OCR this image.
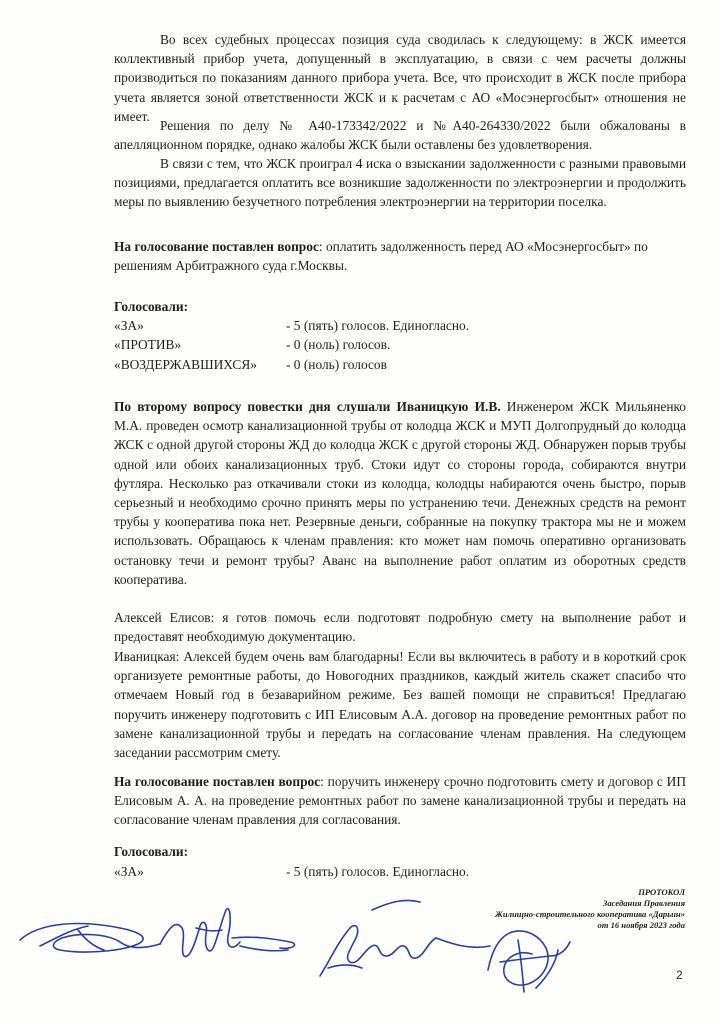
Во всех судебных процессах позиция суда сводилась к следующему: в ЖСК имеется коллективный прибор учета, допущенный в эксплуатацию, в связи с чем расчеты должны производиться по показаниям данного прибора учета. Все, что происходит в ЖСК после прибора учета является зоной ответственности ЖСК и к расчетам с АО «Мосэнергосбыт» отношения не имеет.
Решения по делу № А40-173342/2022 и №А40-264330/2022 были обжалованы в апелляционном порядке, однако жалобы ЖСК были оставлены без удовлетворения.
В связи с тем, что ЖСК проиграл 4 иска о взыскании задолженности с разными правовыми позициями, предлагается оплатить все возникшие задолженности по электроэнергии и продолжить меры по выявлению безучетного потребления электроэнергии на территории поселка.
На голосование поставлен вопрос: оплатить задолженность перед АО «Мосэнергосбыт» по решениям Арбитражного суда г.Москвы.
Голосовали:
«ЗА»	- 5 (пять) голосов. Единогласно.
«ПРОТИВ»	- 0 (ноль) голосов.
«ВОЗДЕРЖАВШИХСЯ» - 0 (ноль) голосов
По второму вопросу повестки дня слушали Иваницкую И.В. Инженером ЖСК Мильяненко М.А. проведен осмотр канализационной трубы от колодца ЖСК и МУП Долгопрудный до колодца ЖСК с одной другой стороны ЖД до колодца ЖСК с другой стороны ЖД. Обнаружен порыв трубы одной или обоих канализационных труб. Стоки идут со стороны города, собираются внутри футляра. Несколько раз откачивали стоки из колодца, колодцы набираются очень быстро, порыв серьезный и необходимо срочно принять меры по устранению течи. Денежных средств на ремонт трубы у кооператива пока нет. Резервные деньги, собранные на покупку трактора мы не и можем использовать. Обращаюсь к членам правления: кто может нам помочь оперативно организовать остановку течи и ремонт трубы? Аванс на выполнение работ оплатим из оборотных средств кооператива.
Алексей Елисов: я готов помочь если подготовят подробную смету на выполнение работ и предоставят необходимую документацию.
Иваницкая: Алексей будем очень вам благодарны! Если вы включитесь в работу и в короткий срок организуете ремонтные работы, до Новогодних праздников, каждый житель скажет спасибо что отмечаем Новый год в безаварийном режиме. Без вашей помощи не справиться! Предлагаю поручить инженеру подготовить с ИП Елисовым А.А. договор на проведение ремонтных работ по замене канализационной трубы и передать на согласование членам правления. На следующем заседании рассмотрим смету.
На голосование поставлен вопрос: поручить инженеру срочно подготовить смету и договор с ИП Елисовым А. А. на проведение ремонтных работ по замене канализационной трубы и передать на согласование членам правления для согласования.
Голосовали:
«ЗА»	- 5 (пять) голосов. Единогласно.
ПРОТОКОЛ
Заседания Правления
Жилищно-строительного кооператива «Дарьин»
от 16 ноября 2023 года
2
